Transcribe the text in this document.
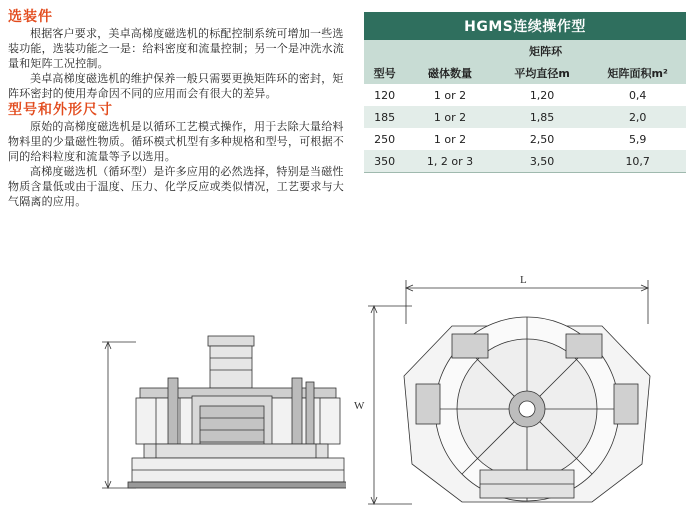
选装件

根据客户要求，美卓高梯度磁选机的标配控制系统可增加一些选装功能，选装功能之一是：给料密度和流量控制；另一个是冲洗水流量和矩阵工况控制。

美卓高梯度磁选机的维护保养一般只需要更换矩阵环的密封，矩阵环密封的使用寿命因不同的应用而会有很大的差异。

型号和外形尺寸

原始的高梯度磁选机是以循环工艺模式操作，用于去除大量给料物料里的少量磁性物质。循环模式机型有多种规格和型号，可根据不同的给料粒度和流量等予以选用。

高梯度磁选机（循环型）是许多应用的必然选择，特别是当磁性物质含量低或由于温度、压力、化学反应或类似情况，工艺要求与大气隔离的应用。

HGMS连续操作型			
	矩阵环		
型号	磁体数量	平均直径m	矩阵面积m²
120	1 or 2	1,20	0,4
185	1 or 2	1,85	2,0
250	1 or 2	2,50	5,9
350	1, 2 or 3	3,50	10,7
L
W
